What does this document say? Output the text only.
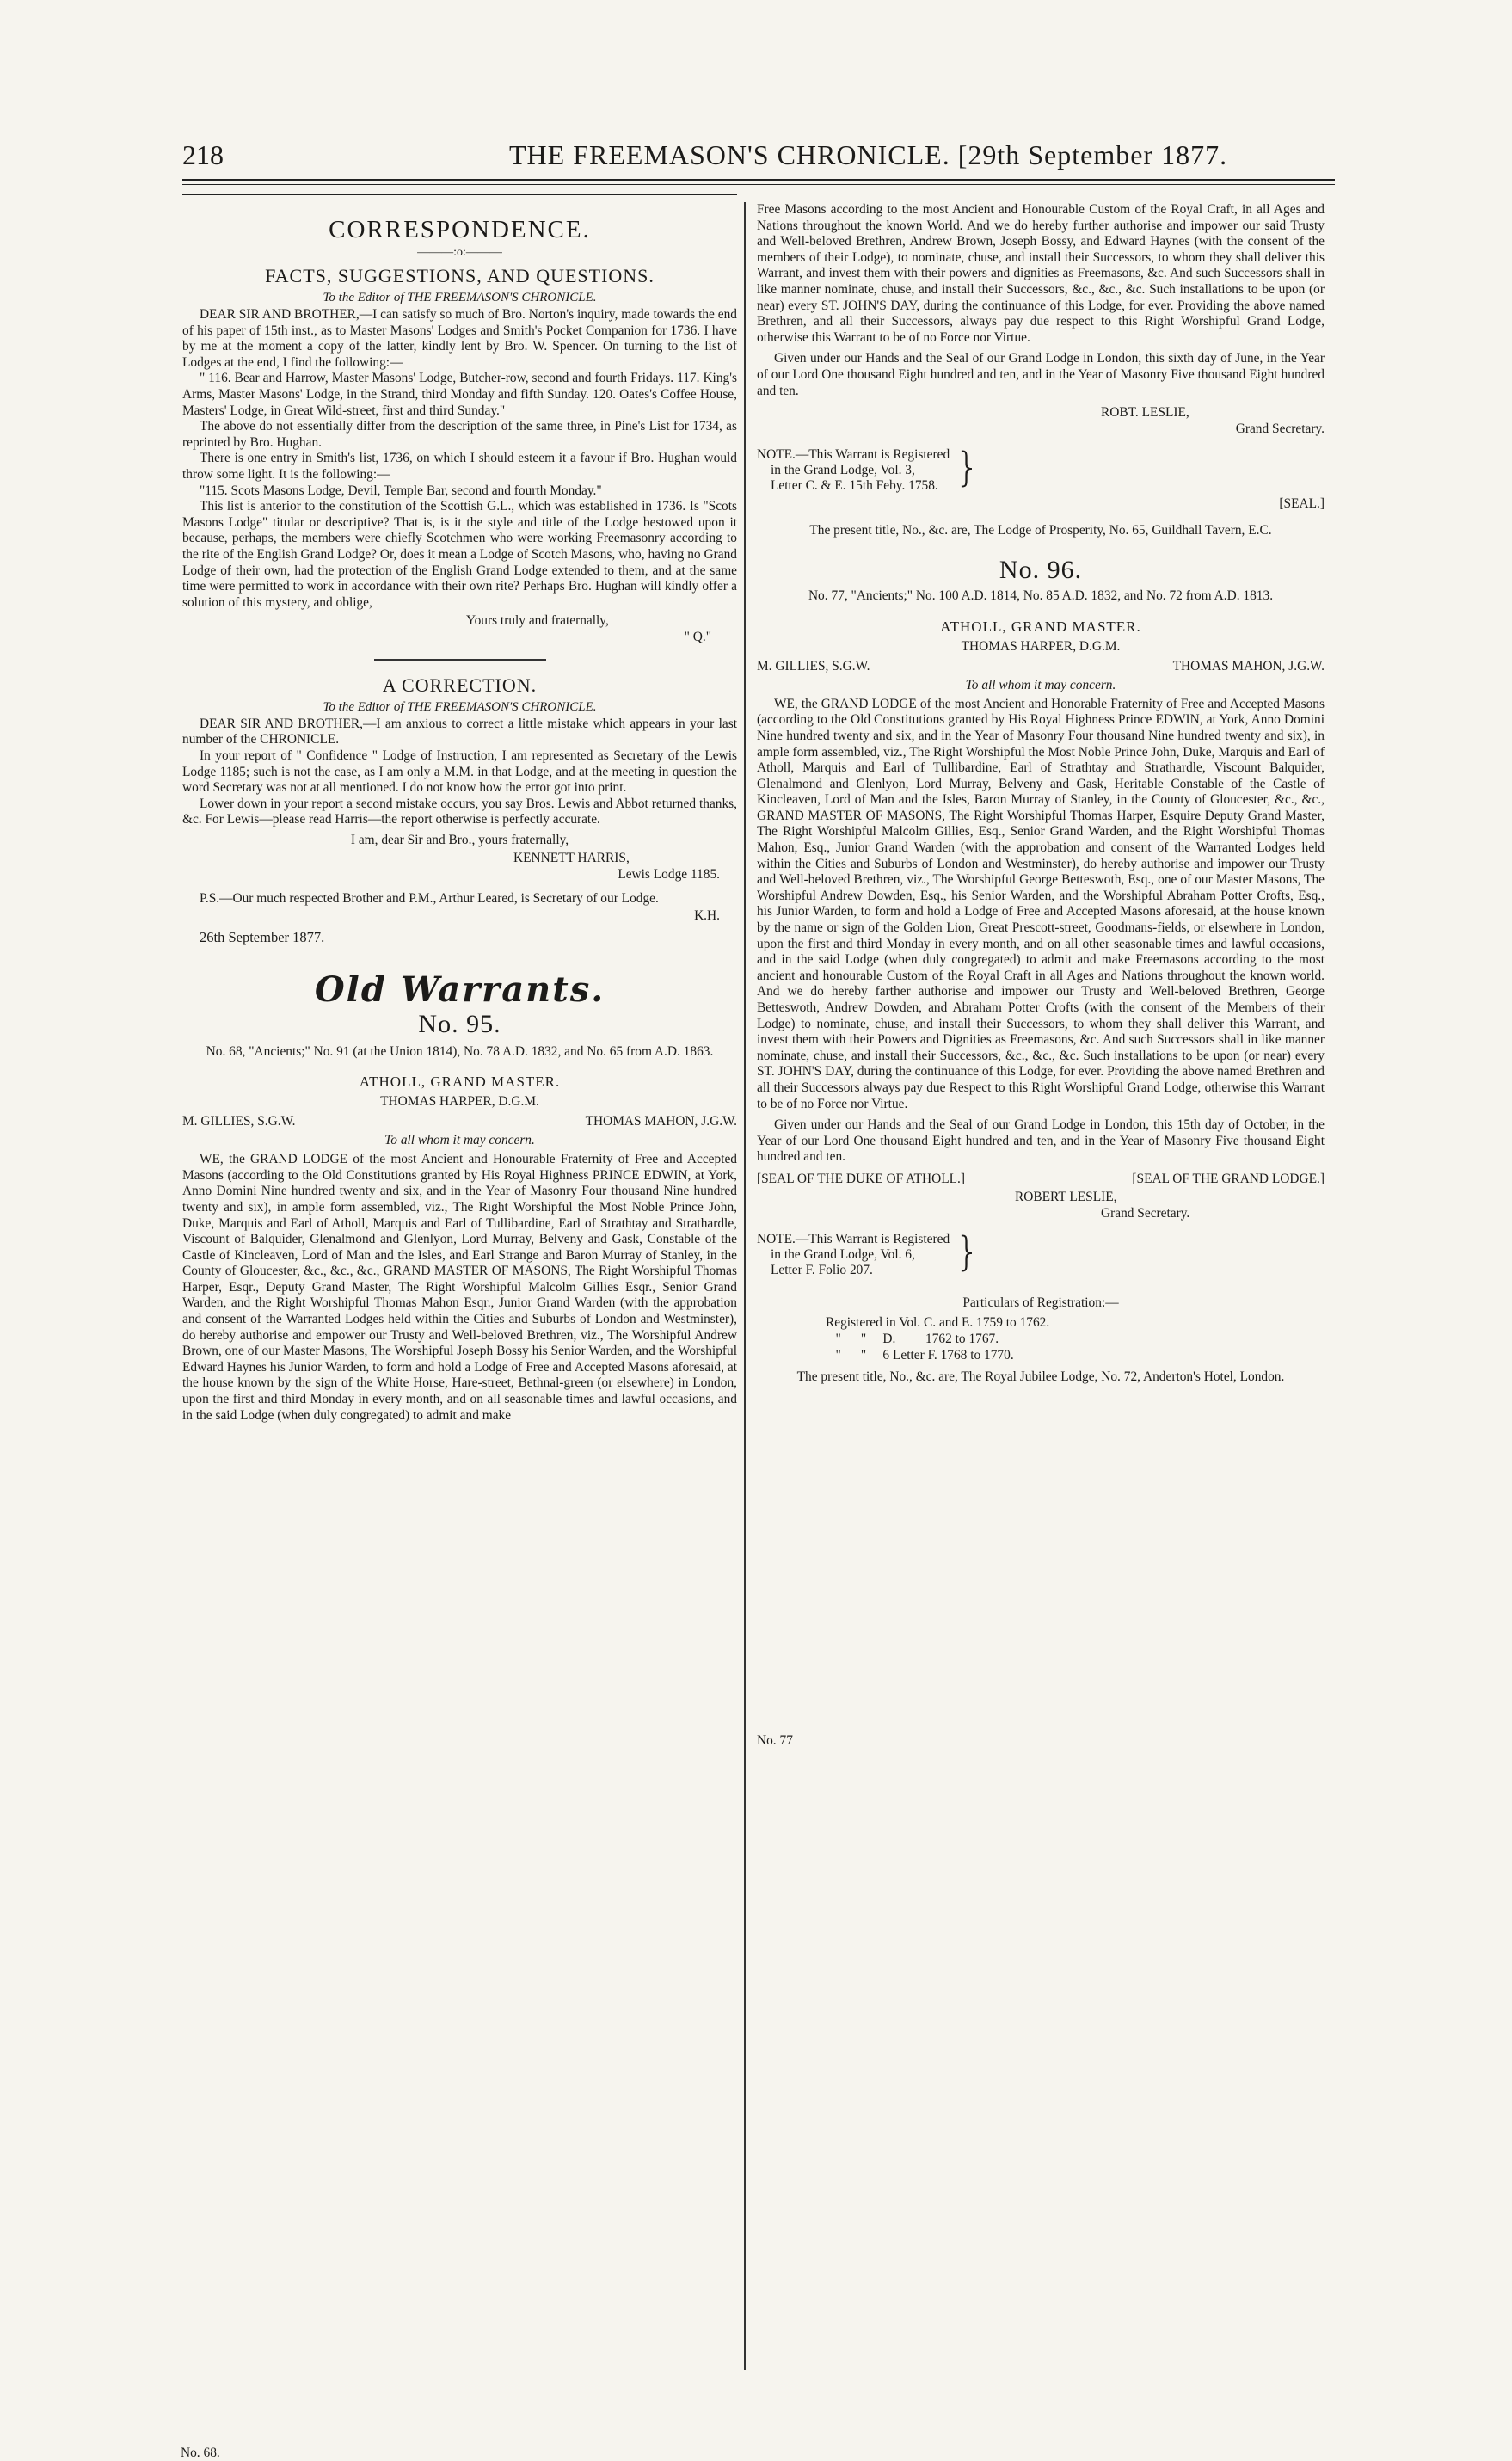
218	THE FREEMASON'S CHRONICLE. [29th September 1877.

CORRESPONDENCE.

———:o:———

FACTS, SUGGESTIONS, AND QUESTIONS.

To the Editor of THE FREEMASON'S CHRONICLE.

DEAR SIR AND BROTHER,—I can satisfy so much of Bro. Norton's inquiry, made towards the end of his paper of 15th inst., as to Master Masons' Lodges and Smith's Pocket Companion for 1736. I have by me at the moment a copy of the latter, kindly lent by Bro. W. Spencer. On turning to the list of Lodges at the end, I find the following:—

" 116. Bear and Harrow, Master Masons' Lodge, Butcher-row, second and fourth Fridays. 117. King's Arms, Master Masons' Lodge, in the Strand, third Monday and fifth Sunday. 120. Oates's Coffee House, Masters' Lodge, in Great Wild-street, first and third Sunday."

The above do not essentially differ from the description of the same three, in Pine's List for 1734, as reprinted by Bro. Hughan.

There is one entry in Smith's list, 1736, on which I should esteem it a favour if Bro. Hughan would throw some light. It is the following:—

"115. Scots Masons Lodge, Devil, Temple Bar, second and fourth Monday."

This list is anterior to the constitution of the Scottish G.L., which was established in 1736. Is "Scots Masons Lodge" titular or descriptive? That is, is it the style and title of the Lodge bestowed upon it because, perhaps, the members were chiefly Scotchmen who were working Freemasonry according to the rite of the English Grand Lodge? Or, does it mean a Lodge of Scotch Masons, who, having no Grand Lodge of their own, had the protection of the English Grand Lodge extended to them, and at the same time were permitted to work in accordance with their own rite? Perhaps Bro. Hughan will kindly offer a solution of this mystery, and oblige,

Yours truly and fraternally,

" Q."

A CORRECTION.

To the Editor of THE FREEMASON'S CHRONICLE.

DEAR SIR AND BROTHER,—I am anxious to correct a little mistake which appears in your last number of the CHRONICLE.

In your report of " Confidence " Lodge of Instruction, I am represented as Secretary of the Lewis Lodge 1185; such is not the case, as I am only a M.M. in that Lodge, and at the meeting in question the word Secretary was not at all mentioned. I do not know how the error got into print.

Lower down in your report a second mistake occurs, you say Bros. Lewis and Abbot returned thanks, &c. For Lewis—please read Harris—the report otherwise is perfectly accurate.

I am, dear Sir and Bro., yours fraternally,

KENNETT HARRIS,

Lewis Lodge 1185.

P.S.—Our much respected Brother and P.M., Arthur Leared, is Secretary of our Lodge.

K.H.

26th September 1877.

Old Warrants.

No. 95.

No. 68, "Ancients;" No. 91 (at the Union 1814), No. 78 A.D. 1832, and No. 65 from A.D. 1863.

ATHOLL, GRAND MASTER.

THOMAS HARPER, D.G.M.

M. GILLIES, S.G.W.	THOMAS MAHON, J.G.W.

To all whom it may concern.

WE, the GRAND LODGE of the most Ancient and Honourable Fraternity of Free and Accepted Masons (according to the Old Constitutions granted by His Royal Highness PRINCE EDWIN, at York, Anno Domini Nine hundred twenty and six, and in the Year of Masonry Four thousand Nine hundred twenty and six), in ample form assembled, viz., The Right Worshipful the Most Noble Prince John, Duke, Marquis and Earl of Atholl, Marquis and Earl of Tullibardine, Earl of Strathtay and Strathardle, Viscount of Balquider, Glenalmond and Glenlyon, Lord Murray, Belveny and Gask, Constable of the Castle of Kincleaven, Lord of Man and the Isles, and Earl Strange and Baron Murray of Stanley, in the County of Gloucester, &c., &c., &c., GRAND MASTER OF MASONS, The Right Worshipful Thomas Harper, Esqr., Deputy Grand Master, The Right Worshipful Malcolm Gillies Esqr., Senior Grand Warden, and the Right Worshipful Thomas Mahon Esqr., Junior Grand Warden (with the approbation and consent of the Warranted Lodges held within the Cities and Suburbs of London and Westminster), do hereby authorise and empower our Trusty and Well-beloved Brethren, viz., The Worshipful Andrew Brown, one of our Master Masons, The Worshipful Joseph Bossy his Senior Warden, and the Worshipful Edward Haynes his Junior Warden, to form and hold a Lodge of Free and Accepted Masons aforesaid, at the house known by the sign of the White Horse, Hare-street, Bethnal-green (or elsewhere) in London, upon the first and third Monday in every month, and on all seasonable times and lawful occasions, and in the said Lodge (when duly congregated) to admit and make

No. 68.

Free Masons according to the most Ancient and Honourable Custom of the Royal Craft, in all Ages and Nations throughout the known World. And we do hereby further authorise and impower our said Trusty and Well-beloved Brethren, Andrew Brown, Joseph Bossy, and Edward Haynes (with the consent of the members of their Lodge), to nominate, chuse, and install their Successors, to whom they shall deliver this Warrant, and invest them with their powers and dignities as Freemasons, &c. And such Successors shall in like manner nominate, chuse, and install their Successors, &c., &c., &c. Such installations to be upon (or near) every ST. JOHN'S DAY, during the continuance of this Lodge, for ever. Providing the above named Brethren, and all their Successors, always pay due respect to this Right Worshipful Grand Lodge, otherwise this Warrant to be of no Force nor Virtue.

Given under our Hands and the Seal of our Grand Lodge in London, this sixth day of June, in the Year of our Lord One thousand Eight hundred and ten, and in the Year of Masonry Five thousand Eight hundred and ten.

ROBT. LESLIE,

Grand Secretary.

NOTE.—This Warrant is Registered
in the Grand Lodge, Vol. 3,
Letter C. & E. 15th Feby. 1758. }

[SEAL.]

The present title, No., &c. are, The Lodge of Prosperity, No. 65, Guildhall Tavern, E.C.

No. 96.

No. 77, "Ancients;" No. 100 A.D. 1814, No. 85 A.D. 1832, and No. 72 from A.D. 1813.

ATHOLL, GRAND MASTER.

THOMAS HARPER, D.G.M.

M. GILLIES, S.G.W.	THOMAS MAHON, J.G.W.

To all whom it may concern.

WE, the GRAND LODGE of the most Ancient and Honorable Fraternity of Free and Accepted Masons (according to the Old Constitutions granted by His Royal Highness Prince EDWIN, at York, Anno Domini Nine hundred twenty and six, and in the Year of Masonry Four thousand Nine hundred twenty and six), in ample form assembled, viz., The Right Worshipful the Most Noble Prince John, Duke, Marquis and Earl of Atholl, Marquis and Earl of Tullibardine, Earl of Strathtay and Strathardle, Viscount Balquider, Glenalmond and Glenlyon, Lord Murray, Belveny and Gask, Heritable Constable of the Castle of Kincleaven, Lord of Man and the Isles, Baron Murray of Stanley, in the County of Gloucester, &c., &c., GRAND MASTER OF MASONS, The Right Worshipful Thomas Harper, Esquire Deputy Grand Master, The Right Worshipful Malcolm Gillies, Esq., Senior Grand Warden, and the Right Worshipful Thomas Mahon, Esq., Junior Grand Warden (with the approbation and consent of the Warranted Lodges held within the Cities and Suburbs of London and Westminster), do hereby authorise and impower our Trusty and Well-beloved Brethren, viz., The Worshipful George Betteswoth, Esq., one of our Master Masons, The Worshipful Andrew Dowden, Esq., his Senior Warden, and the Worshipful Abraham Potter Crofts, Esq., his Junior Warden, to form and hold a Lodge of Free and Accepted Masons aforesaid, at the house known by the name or sign of the Golden Lion, Great Prescott-street, Goodmans-fields, or elsewhere in London, upon the first and third Monday in every month, and on all other seasonable times and lawful occasions, and in the said Lodge (when duly congregated) to admit and make Freemasons according to the most ancient and honourable Custom of the Royal Craft in all Ages and Nations throughout the known world. And we do hereby farther authorise and impower our Trusty and Well-beloved Brethren, George Betteswoth, Andrew Dowden, and Abraham Potter Crofts (with the consent of the Members of their Lodge) to nominate, chuse, and install their Successors, to whom they shall deliver this Warrant, and invest them with their Powers and Dignities as Freemasons, &c. And such Successors shall in like manner nominate, chuse, and install their Successors, &c., &c., &c. Such installations to be upon (or near) every ST. JOHN'S DAY, during the continuance of this Lodge, for ever. Providing the above named Brethren and all their Successors always pay due Respect to this Right Worshipful Grand Lodge, otherwise this Warrant to be of no Force nor Virtue.

Given under our Hands and the Seal of our Grand Lodge in London, this 15th day of October, in the Year of our Lord One thousand Eight hundred and ten, and in the Year of Masonry Five thousand Eight hundred and ten.

[SEAL OF THE DUKE OF ATHOLL.]	[SEAL OF THE GRAND LODGE.]

ROBERT LESLIE,

Grand Secretary.

NOTE.—This Warrant is Registered
in the Grand Lodge, Vol. 6,
Letter F. Folio 207.	}

Particulars of Registration:—

Registered in Vol. C. and E. 1759 to 1762.
"      "     D.         1762 to 1767.
"      "     6 Letter F. 1768 to 1770.

The present title, No., &c. are, The Royal Jubilee Lodge, No. 72, Anderton's Hotel, London.

No. 77
